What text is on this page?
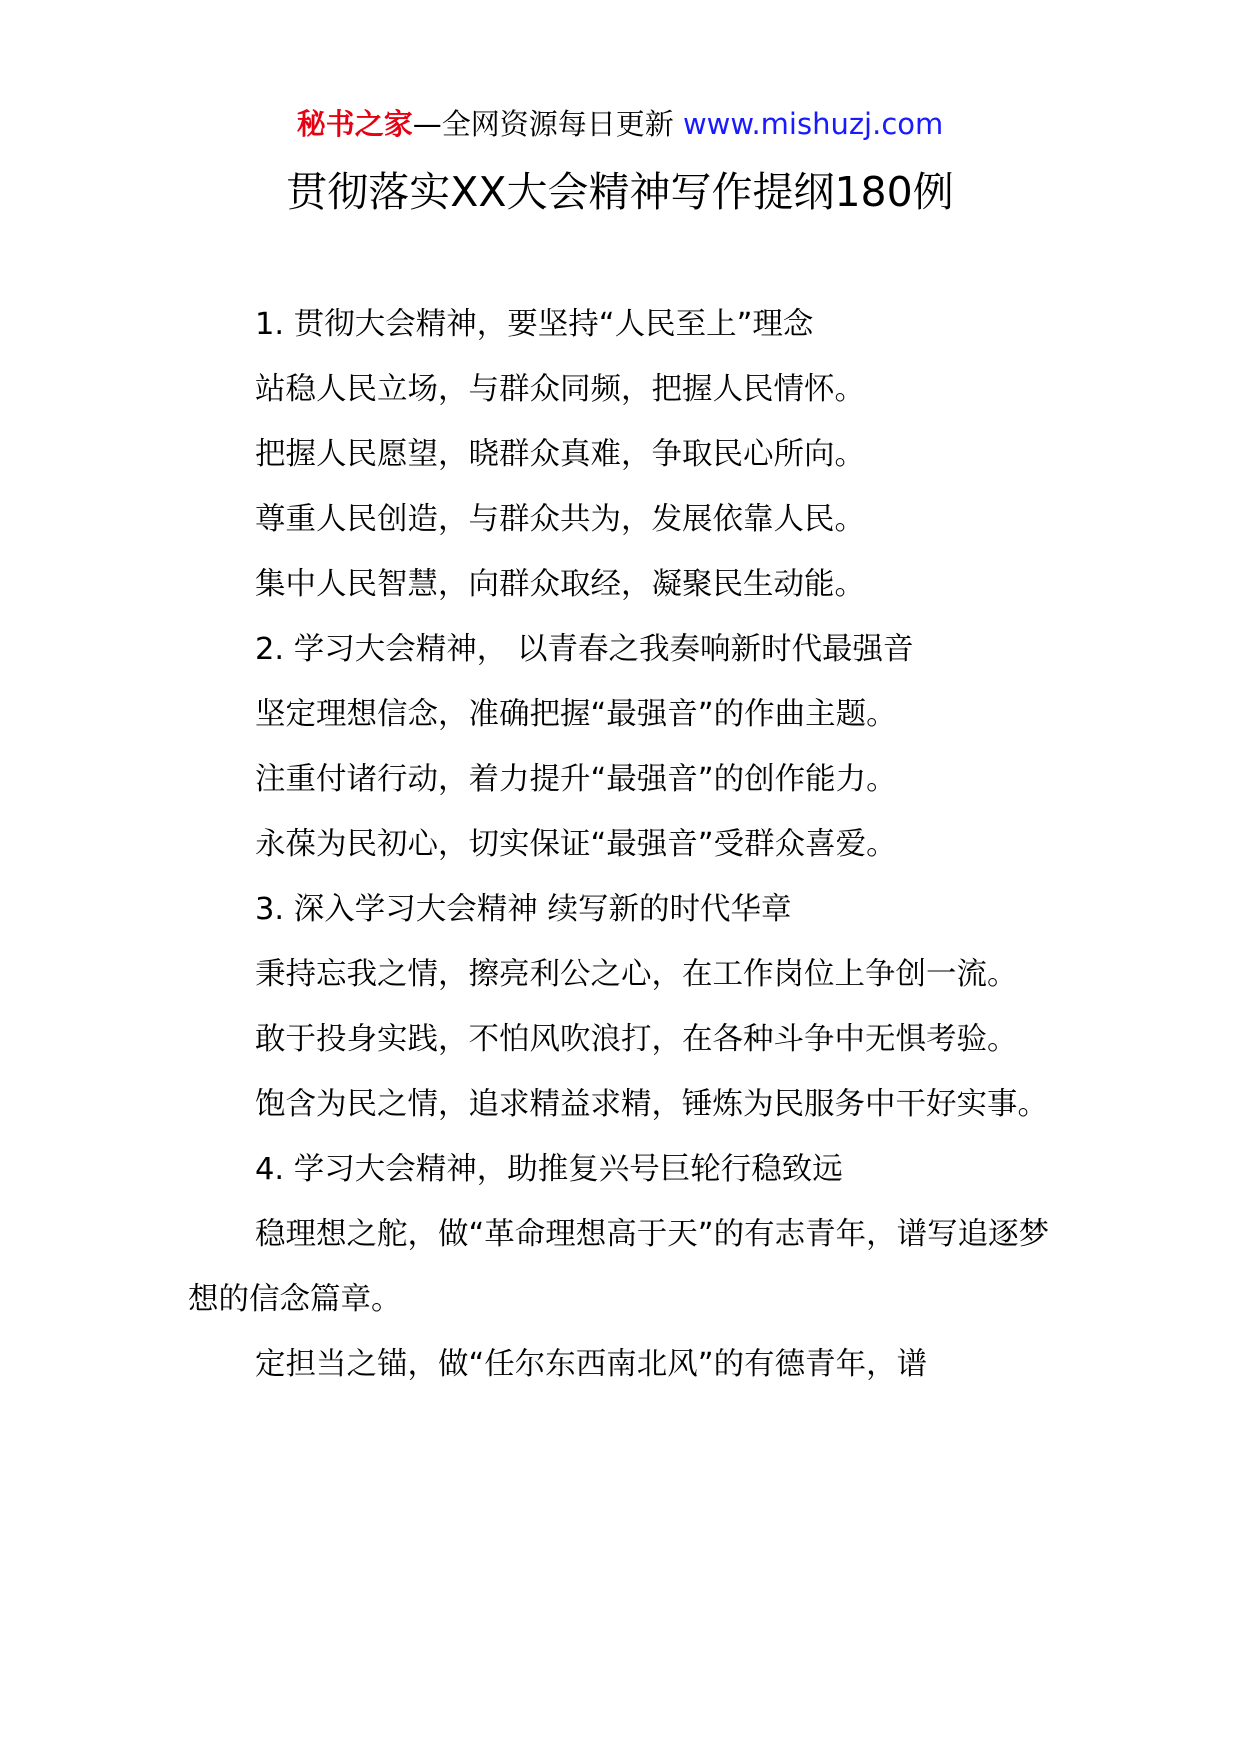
秘书之家—全网资源每日更新 www.mishuzj.com
贯彻落实XX大会精神写作提纲180例

1. 贯彻大会精神，要坚持“人民至上”理念

站稳人民立场，与群众同频，把握人民情怀。

把握人民愿望，晓群众真难，争取民心所向。

尊重人民创造，与群众共为，发展依靠人民。

集中人民智慧，向群众取经，凝聚民生动能。

2. 学习大会精神， 以青春之我奏响新时代最强音

坚定理想信念，准确把握“最强音”的作曲主题。

注重付诸行动，着力提升“最强音”的创作能力。

永葆为民初心，切实保证“最强音”受群众喜爱。

3. 深入学习大会精神 续写新的时代华章

秉持忘我之情，擦亮利公之心，在工作岗位上争创一流。

敢于投身实践，不怕风吹浪打，在各种斗争中无惧考验。

饱含为民之情，追求精益求精，锤炼为民服务中干好实事。

4. 学习大会精神，助推复兴号巨轮行稳致远

稳理想之舵，做“革命理想高于天”的有志青年，谱写追逐梦想的信念篇章。

定担当之锚，做“任尔东西南北风”的有德青年，谱
